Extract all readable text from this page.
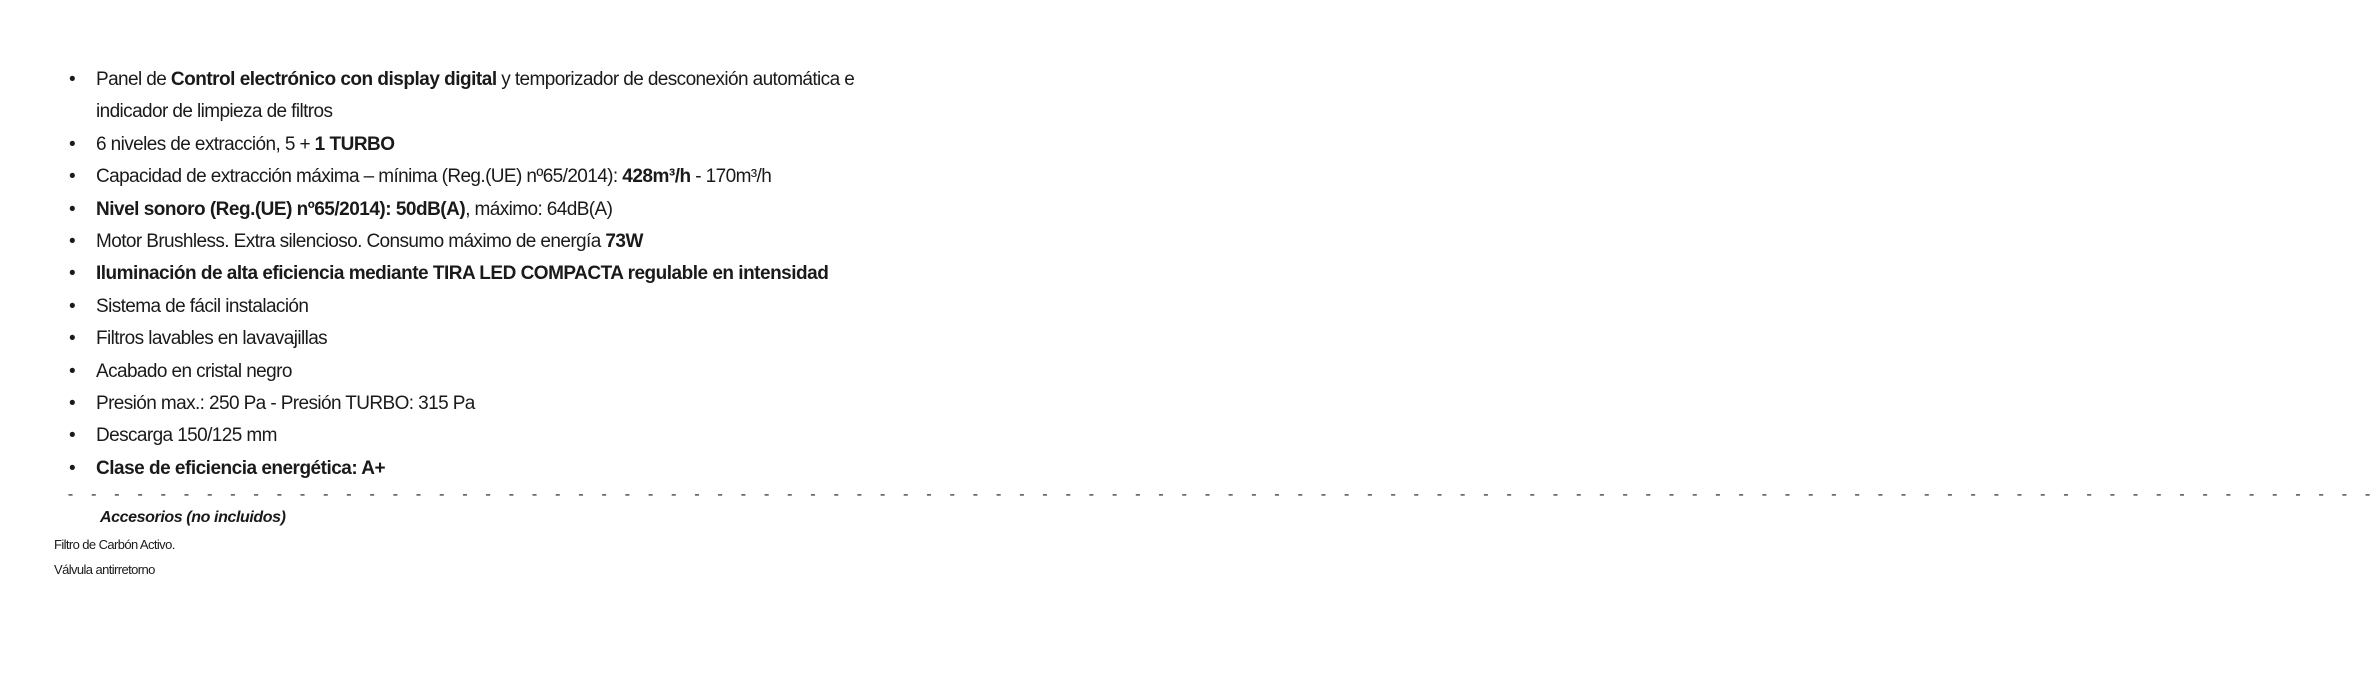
• Panel de Control electrónico con display digital y temporizador de desconexión automática e indicador de limpieza de filtros
• 6 niveles de extracción, 5 + 1 TURBO
• Capacidad de extracción máxima – mínima (Reg.(UE) nº65/2014): 428m³/h - 170m³/h
• Nivel sonoro (Reg.(UE) nº65/2014): 50dB(A), máximo: 64dB(A)
• Motor Brushless. Extra silencioso. Consumo máximo de energía 73W
• Iluminación de alta eficiencia mediante TIRA LED COMPACTA regulable en intensidad
• Sistema de fácil instalación
• Filtros lavables en lavavajillas
• Acabado en cristal negro
• Presión max.: 250 Pa - Presión TURBO: 315 Pa
• Descarga 150/125 mm
• Clase de eficiencia energética: A+
- - - - - - - - - - - - - - - - - - - - - - - - - - - - - - - - - - - - - - - - - - - - - - - - - - - - - - - - - - - - - - - - - - - - - - - - - - - - - - - - - - - - - - - - - - - - - - - - - - - -
Accesorios (no incluidos)
Filtro de Carbón Activo.
Válvula antirretorno
